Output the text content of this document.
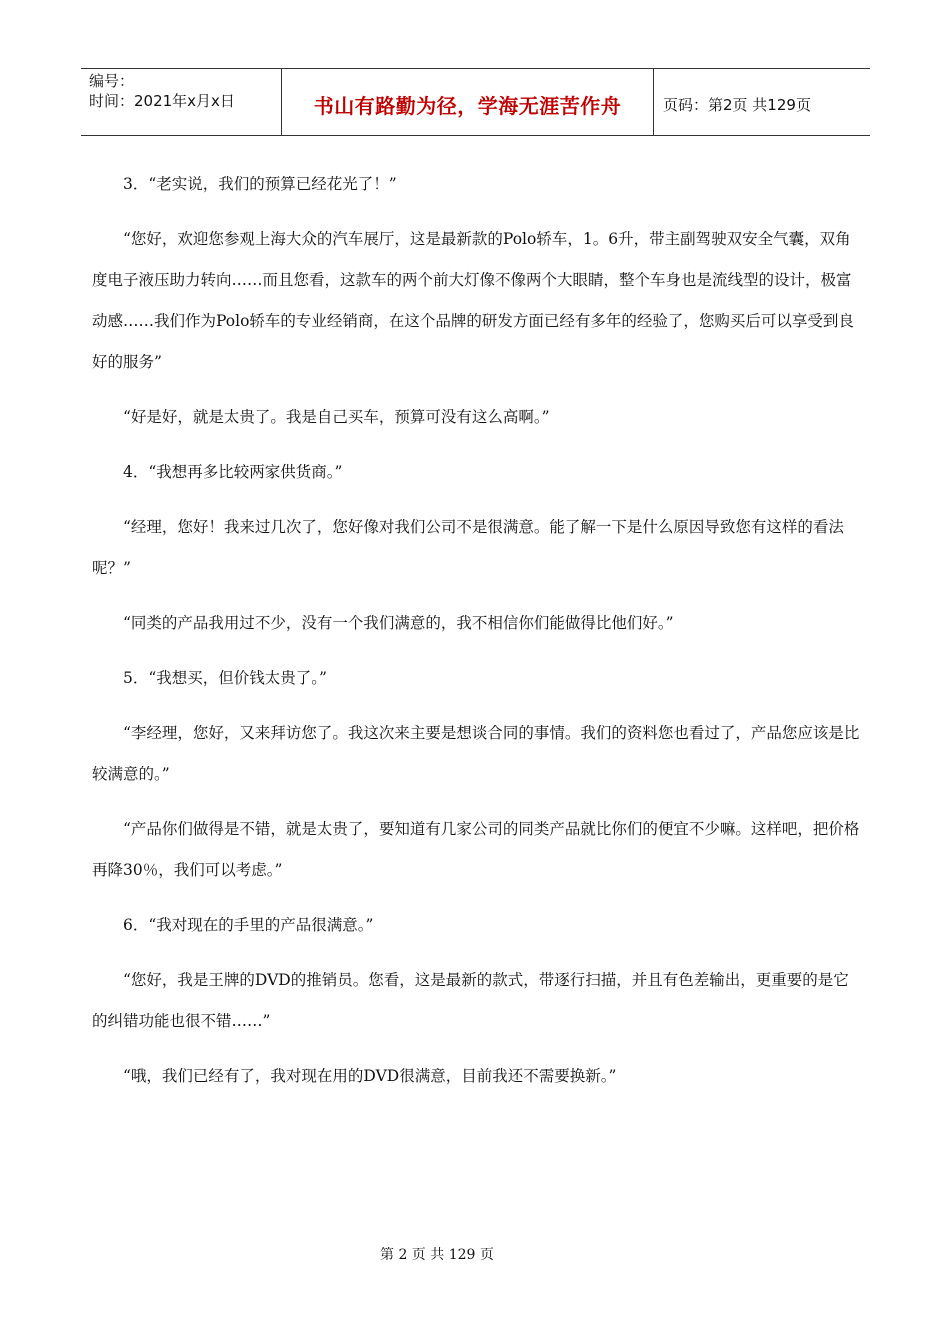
编号：
时间：2021年x月x日	书山有路勤为径，学海无涯苦作舟	页码：第2页 共129页

3．“老实说，我们的预算已经花光了！”

“您好，欢迎您参观上海大众的汽车展厅，这是最新款的Polo轿车，1。6升，带主副驾驶双安全气囊，双角度电子液压助力转向……而且您看，这款车的两个前大灯像不像两个大眼睛，整个车身也是流线型的设计，极富动感……我们作为Polo轿车的专业经销商，在这个品牌的研发方面已经有多年的经验了，您购买后可以享受到良好的服务”

“好是好，就是太贵了。我是自己买车，预算可没有这么高啊。”

4．“我想再多比较两家供货商。”

“经理，您好！我来过几次了，您好像对我们公司不是很满意。能了解一下是什么原因导致您有这样的看法呢？”

“同类的产品我用过不少，没有一个我们满意的，我不相信你们能做得比他们好。”

5．“我想买，但价钱太贵了。”

“李经理，您好，又来拜访您了。我这次来主要是想谈合同的事情。我们的资料您也看过了，产品您应该是比较满意的。”

“产品你们做得是不错，就是太贵了，要知道有几家公司的同类产品就比你们的便宜不少嘛。这样吧，把价格再降30％，我们可以考虑。”

6．“我对现在的手里的产品很满意。”

“您好，我是王牌的DVD的推销员。您看，这是最新的款式，带逐行扫描，并且有色差输出，更重要的是它的纠错功能也很不错……”

“哦，我们已经有了，我对现在用的DVD很满意，目前我还不需要换新。”

第 2 页 共 129 页
